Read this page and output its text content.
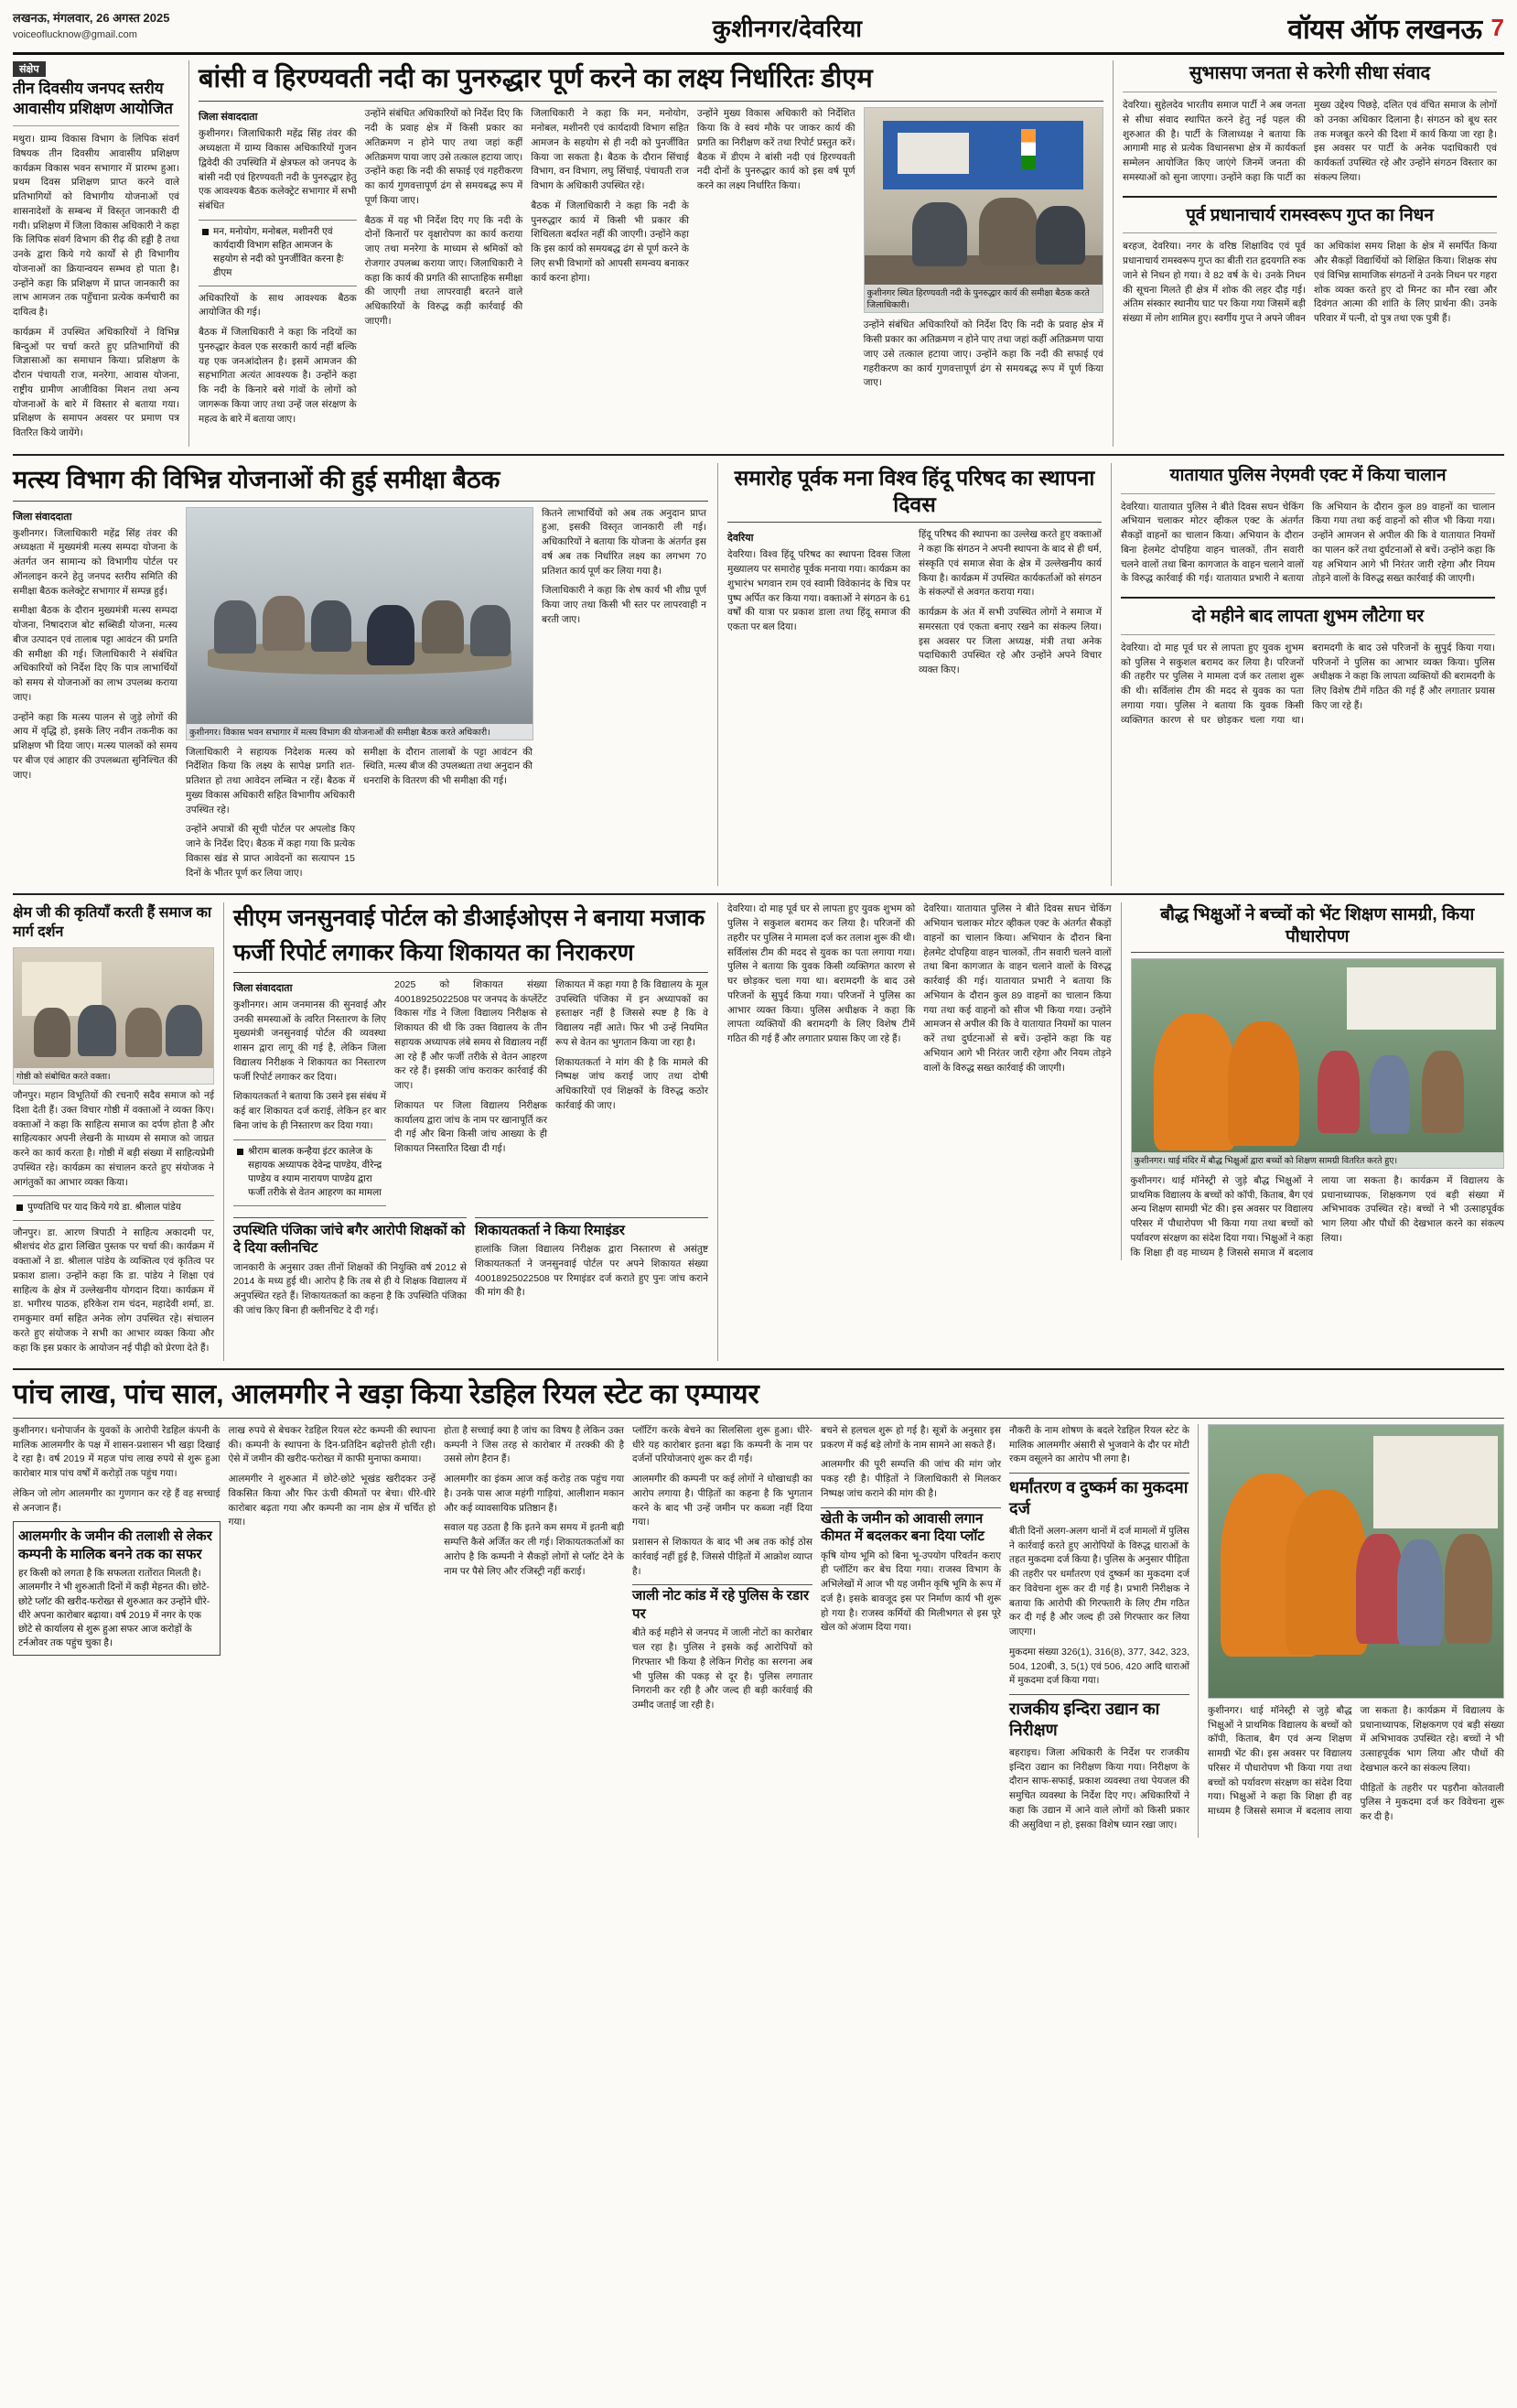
लखनऊ, मंगलवार, 26 अगस्त 2025
voiceoflucknow@gmail.com	कुशीनगर/देवरिया	वॉयस ऑफ लखनऊ 7
संक्षेप
तीन दिवसीय जनपद स्तरीय आवासीय प्रशिक्षण आयोजित

मथुरा। ग्राम्य विकास विभाग के लिपिक संवर्ग विषयक तीन दिवसीय आवासीय प्रशिक्षण कार्यक्रम विकास भवन सभागार में प्रारम्भ हुआ। प्रथम दिवस प्रशिक्षण प्राप्त करने वाले प्रतिभागियों को विभागीय योजनाओं एवं शासनादेशों के सम्बन्ध में विस्तृत जानकारी दी गयी। प्रशिक्षण में जिला विकास अधिकारी ने कहा कि लिपिक संवर्ग विभाग की रीढ़ की हड्डी है तथा उनके द्वारा किये गये कार्यों से ही विभागीय योजनाओं का क्रियान्वयन सम्भव हो पाता है। उन्होंने कहा कि प्रशिक्षण में प्राप्त जानकारी का लाभ आमजन तक पहुँचाना प्रत्येक कर्मचारी का दायित्व है।

कार्यक्रम में उपस्थित अधिकारियों ने विभिन्न बिन्दुओं पर चर्चा करते हुए प्रतिभागियों की जिज्ञासाओं का समाधान किया। प्रशिक्षण के दौरान पंचायती राज, मनरेगा, आवास योजना, राष्ट्रीय ग्रामीण आजीविका मिशन तथा अन्य योजनाओं के बारे में विस्तार से बताया गया। प्रशिक्षण के समापन अवसर पर प्रमाण पत्र वितरित किये जायेंगे।

बांसी व हिरण्यवती नदी का पुनरुद्धार पूर्ण करने का लक्ष्य निर्धारितः डीएम
जिला संवाददाता

कुशीनगर। जिलाधिकारी महेंद्र सिंह तंवर की अध्यक्षता में ग्राम्य विकास अधिकारियों गुजन द्विवेदी की उपस्थिति में क्षेत्रफल को जनपद के बांसी नदी एवं हिरण्यवती नदी के पुनरुद्धार हेतु एक आवश्यक बैठक कलेक्ट्रेट सभागार में सभी संबंधित

मन, मनोयोग, मनोबल, मशीनरी एवं कार्यदायी विभाग सहित आमजन के सहयोग से नदी को पुनर्जीवित करना हैः डीएम

अधिकारियों के साथ आवश्यक बैठक आयोजित की गई।

बैठक में जिलाधिकारी ने कहा कि नदियों का पुनरुद्धार केवल एक सरकारी कार्य नहीं बल्कि यह एक जनआंदोलन है। इसमें आमजन की सहभागिता अत्यंत आवश्यक है। उन्होंने कहा कि नदी के किनारे बसे गांवों के लोगों को जागरूक किया जाए तथा उन्हें जल संरक्षण के महत्व के बारे में बताया जाए।

उन्होंने संबंधित अधिकारियों को निर्देश दिए कि नदी के प्रवाह क्षेत्र में किसी प्रकार का अतिक्रमण न होने पाए तथा जहां कहीं अतिक्रमण पाया जाए उसे तत्काल हटाया जाए। उन्होंने कहा कि नदी की सफाई एवं गहरीकरण का कार्य गुणवत्तापूर्ण ढंग से समयबद्ध रूप में पूर्ण किया जाए।

बैठक में यह भी निर्देश दिए गए कि नदी के दोनों किनारों पर वृक्षारोपण का कार्य कराया जाए तथा मनरेगा के माध्यम से श्रमिकों को रोजगार उपलब्ध कराया जाए। जिलाधिकारी ने कहा कि कार्य की प्रगति की साप्ताहिक समीक्षा की जाएगी तथा लापरवाही बरतने वाले अधिकारियों के विरुद्ध कड़ी कार्रवाई की जाएगी।

जिलाधिकारी ने कहा कि मन, मनोयोग, मनोबल, मशीनरी एवं कार्यदायी विभाग सहित आमजन के सहयोग से ही नदी को पुनर्जीवित किया जा सकता है। बैठक के दौरान सिंचाई विभाग, वन विभाग, लघु सिंचाई, पंचायती राज विभाग के अधिकारी उपस्थित रहे।

बैठक में जिलाधिकारी ने कहा कि नदी के पुनरुद्धार कार्य में किसी भी प्रकार की शिथिलता बर्दाश्त नहीं की जाएगी। उन्होंने कहा कि इस कार्य को समयबद्ध ढंग से पूर्ण करने के लिए सभी विभागों को आपसी समन्वय बनाकर कार्य करना होगा।

उन्होंने मुख्य विकास अधिकारी को निर्देशित किया कि वे स्वयं मौके पर जाकर कार्य की प्रगति का निरीक्षण करें तथा रिपोर्ट प्रस्तुत करें। बैठक में डीएम ने बांसी नदी एवं हिरण्यवती नदी दोनों के पुनरुद्धार कार्य को इस वर्ष पूर्ण करने का लक्ष्य निर्धारित किया।

कुशीनगर स्थित हिरण्यवती नदी के पुनरुद्धार कार्य की समीक्षा बैठक करते जिलाधिकारी।

उन्होंने संबंधित अधिकारियों को निर्देश दिए कि नदी के प्रवाह क्षेत्र में किसी प्रकार का अतिक्रमण न होने पाए तथा जहां कहीं अतिक्रमण पाया जाए उसे तत्काल हटाया जाए। उन्होंने कहा कि नदी की सफाई एवं गहरीकरण का कार्य गुणवत्तापूर्ण ढंग से समयबद्ध रूप में पूर्ण किया जाए।

सुभासपा जनता से करेगी सीधा संवाद

देवरिया। सुहेलदेव भारतीय समाज पार्टी ने अब जनता से सीधा संवाद स्थापित करने हेतु नई पहल की शुरुआत की है। पार्टी के जिलाध्यक्ष ने बताया कि आगामी माह से प्रत्येक विधानसभा क्षेत्र में कार्यकर्ता सम्मेलन आयोजित किए जाएंगे जिनमें जनता की समस्याओं को सुना जाएगा। उन्होंने कहा कि पार्टी का मुख्य उद्देश्य पिछड़े, दलित एवं वंचित समाज के लोगों को उनका अधिकार दिलाना है। संगठन को बूथ स्तर तक मजबूत करने की दिशा में कार्य किया जा रहा है। इस अवसर पर पार्टी के अनेक पदाधिकारी एवं कार्यकर्ता उपस्थित रहे और उन्होंने संगठन विस्तार का संकल्प लिया।

पूर्व प्रधानाचार्य रामस्वरूप गुप्त का निधन

बरहज, देवरिया। नगर के वरिष्ठ शिक्षाविद एवं पूर्व प्रधानाचार्य रामस्वरूप गुप्त का बीती रात हृदयगति रुक जाने से निधन हो गया। वे 82 वर्ष के थे। उनके निधन की सूचना मिलते ही क्षेत्र में शोक की लहर दौड़ गई। अंतिम संस्कार स्थानीय घाट पर किया गया जिसमें बड़ी संख्या में लोग शामिल हुए। स्वर्गीय गुप्त ने अपने जीवन का अधिकांश समय शिक्षा के क्षेत्र में समर्पित किया और सैकड़ों विद्यार्थियों को शिक्षित किया। शिक्षक संघ एवं विभिन्न सामाजिक संगठनों ने उनके निधन पर गहरा शोक व्यक्त करते हुए दो मिनट का मौन रखा और दिवंगत आत्मा की शांति के लिए प्रार्थना की। उनके परिवार में पत्नी, दो पुत्र तथा एक पुत्री हैं।

मत्स्य विभाग की विभिन्न योजनाओं की हुई समीक्षा बैठक
जिला संवाददाता

कुशीनगर। जिलाधिकारी महेंद्र सिंह तंवर की अध्यक्षता में मुख्यमंत्री मत्स्य सम्पदा योजना के अंतर्गत जन सामान्य को विभागीय पोर्टल पर ऑनलाइन करने हेतु जनपद स्तरीय समिति की समीक्षा बैठक कलेक्ट्रेट सभागार में सम्पन्न हुई।

समीक्षा बैठक के दौरान मुख्यमंत्री मत्स्य सम्पदा योजना, निषादराज बोट सब्सिडी योजना, मत्स्य बीज उत्पादन एवं तालाब पट्टा आवंटन की प्रगति की समीक्षा की गई। जिलाधिकारी ने संबंधित अधिकारियों को निर्देश दिए कि पात्र लाभार्थियों को समय से योजनाओं का लाभ उपलब्ध कराया जाए।

उन्होंने कहा कि मत्स्य पालन से जुड़े लोगों की आय में वृद्धि हो, इसके लिए नवीन तकनीक का प्रशिक्षण भी दिया जाए। मत्स्य पालकों को समय पर बीज एवं आहार की उपलब्धता सुनिश्चित की जाए।

कुशीनगर। विकास भवन सभागार में मत्स्य विभाग की योजनाओं की समीक्षा बैठक करते अधिकारी।

जिलाधिकारी ने सहायक निदेशक मत्स्य को निर्देशित किया कि लक्ष्य के सापेक्ष प्रगति शत-प्रतिशत हो तथा आवेदन लम्बित न रहें। बैठक में मुख्य विकास अधिकारी सहित विभागीय अधिकारी उपस्थित रहे।

उन्होंने अपात्रों की सूची पोर्टल पर अपलोड किए जाने के निर्देश दिए। बैठक में कहा गया कि प्रत्येक विकास खंड से प्राप्त आवेदनों का सत्यापन 15 दिनों के भीतर पूर्ण कर लिया जाए।

समीक्षा के दौरान तालाबों के पट्टा आवंटन की स्थिति, मत्स्य बीज की उपलब्धता तथा अनुदान की धनराशि के वितरण की भी समीक्षा की गई।

कितने लाभार्थियों को अब तक अनुदान प्राप्त हुआ, इसकी विस्तृत जानकारी ली गई। अधिकारियों ने बताया कि योजना के अंतर्गत इस वर्ष अब तक निर्धारित लक्ष्य का लगभग 70 प्रतिशत कार्य पूर्ण कर लिया गया है।

जिलाधिकारी ने कहा कि शेष कार्य भी शीघ्र पूर्ण किया जाए तथा किसी भी स्तर पर लापरवाही न बरती जाए।

समारोह पूर्वक मना विश्व हिंदू परिषद का स्थापना दिवस
देवरिया

देवरिया। विश्व हिंदू परिषद का स्थापना दिवस जिला मुख्यालय पर समारोह पूर्वक मनाया गया। कार्यक्रम का शुभारंभ भगवान राम एवं स्वामी विवेकानंद के चित्र पर पुष्प अर्पित कर किया गया। वक्ताओं ने संगठन के 61 वर्षों की यात्रा पर प्रकाश डाला तथा हिंदू समाज की एकता पर बल दिया।

हिंदू परिषद की स्थापना का उल्लेख करते हुए वक्ताओं ने कहा कि संगठन ने अपनी स्थापना के बाद से ही धर्म, संस्कृति एवं समाज सेवा के क्षेत्र में उल्लेखनीय कार्य किया है। कार्यक्रम में उपस्थित कार्यकर्ताओं को संगठन के संकल्पों से अवगत कराया गया।

कार्यक्रम के अंत में सभी उपस्थित लोगों ने समाज में समरसता एवं एकता बनाए रखने का संकल्प लिया। इस अवसर पर जिला अध्यक्ष, मंत्री तथा अनेक पदाधिकारी उपस्थित रहे और उन्होंने अपने विचार व्यक्त किए।

यातायात पुलिस नेएमवी एक्ट में किया चालान

देवरिया। यातायात पुलिस ने बीते दिवस सघन चेकिंग अभियान चलाकर मोटर व्हीकल एक्ट के अंतर्गत सैकड़ों वाहनों का चालान किया। अभियान के दौरान बिना हेलमेट दोपहिया वाहन चालकों, तीन सवारी चलने वालों तथा बिना कागजात के वाहन चलाने वालों के विरुद्ध कार्रवाई की गई। यातायात प्रभारी ने बताया कि अभियान के दौरान कुल 89 वाहनों का चालान किया गया तथा कई वाहनों को सीज भी किया गया। उन्होंने आमजन से अपील की कि वे यातायात नियमों का पालन करें तथा दुर्घटनाओं से बचें। उन्होंने कहा कि यह अभियान आगे भी निरंतर जारी रहेगा और नियम तोड़ने वालों के विरुद्ध सख्त कार्रवाई की जाएगी।

दो महीने बाद लापता शुभम लौटेगा घर

देवरिया। दो माह पूर्व घर से लापता हुए युवक शुभम को पुलिस ने सकुशल बरामद कर लिया है। परिजनों की तहरीर पर पुलिस ने मामला दर्ज कर तलाश शुरू की थी। सर्विलांस टीम की मदद से युवक का पता लगाया गया। पुलिस ने बताया कि युवक किसी व्यक्तिगत कारण से घर छोड़कर चला गया था। बरामदगी के बाद उसे परिजनों के सुपुर्द किया गया। परिजनों ने पुलिस का आभार व्यक्त किया। पुलिस अधीक्षक ने कहा कि लापता व्यक्तियों की बरामदगी के लिए विशेष टीमें गठित की गई हैं और लगातार प्रयास किए जा रहे हैं।

क्षेम जी की कृतियाँ करती हैं समाज का मार्ग दर्शन
गोष्ठी को संबोधित करते वक्ता।

जौनपुर। महान विभूतियों की रचनाएँ सदैव समाज को नई दिशा देती हैं। उक्त विचार गोष्ठी में वक्ताओं ने व्यक्त किए। वक्ताओं ने कहा कि साहित्य समाज का दर्पण होता है और साहित्यकार अपनी लेखनी के माध्यम से समाज को जाग्रत करने का कार्य करता है। गोष्ठी में बड़ी संख्या में साहित्यप्रेमी उपस्थित रहे। कार्यक्रम का संचालन करते हुए संयोजक ने आगंतुकों का आभार व्यक्त किया।

पुण्यतिथि पर याद किये गये डा. श्रीलाल पांडेय

जौनपुर। डा. आरण त्रिपाठी ने साहित्य अकादमी पर, श्रीशचंद शेठ द्वारा लिखित पुस्तक पर चर्चा की। कार्यक्रम में वक्ताओं ने डा. श्रीलाल पांडेय के व्यक्तित्व एवं कृतित्व पर प्रकाश डाला। उन्होंने कहा कि डा. पांडेय ने शिक्षा एवं साहित्य के क्षेत्र में उल्लेखनीय योगदान दिया। कार्यक्रम में डा. भगीरथ पाठक, हरिकेश राम चंदन, महादेवी शर्मा, डा. रामकुमार वर्मा सहित अनेक लोग उपस्थित रहे। संचालन करते हुए संयोजक ने सभी का आभार व्यक्त किया और कहा कि इस प्रकार के आयोजन नई पीढ़ी को प्रेरणा देते हैं।

सीएम जनसुनवाई पोर्टल को डीआईओएस ने बनाया मजाक
फर्जी रिपोर्ट लगाकर किया शिकायत का निराकरण
जिला संवाददाता

कुशीनगर। आम जनमानस की सुनवाई और उनकी समस्याओं के त्वरित निस्तारण के लिए मुख्यमंत्री जनसुनवाई पोर्टल की व्यवस्था शासन द्वारा लागू की गई है, लेकिन जिला विद्यालय निरीक्षक ने शिकायत का निस्तारण फर्जी रिपोर्ट लगाकर कर दिया।

शिकायतकर्ता ने बताया कि उसने इस संबंध में कई बार शिकायत दर्ज कराई, लेकिन हर बार बिना जांच के ही निस्तारण कर दिया गया।

श्रीराम बालक कन्हैया इंटर कालेज के सहायक अध्यापक देवेन्द्र पाण्डेय, वीरेन्द्र पाण्डेय व श्याम नारायण पाण्डेय द्वारा फर्जी तरीके से वेतन आहरण का मामला

2025 को शिकायत संख्या 40018925022508 पर जनपद के कंप्लेंटेंट विकास गोंड ने जिला विद्यालय निरीक्षक से शिकायत की थी कि उक्त विद्यालय के तीन सहायक अध्यापक लंबे समय से विद्यालय नहीं आ रहे हैं और फर्जी तरीके से वेतन आहरण कर रहे हैं। इसकी जांच कराकर कार्रवाई की जाए।

शिकायत पर जिला विद्यालय निरीक्षक कार्यालय द्वारा जांच के नाम पर खानापूर्ति कर दी गई और बिना किसी जांच आख्या के ही शिकायत निस्तारित दिखा दी गई।

शिकायत में कहा गया है कि विद्यालय के मूल उपस्थिति पंजिका में इन अध्यापकों का हस्ताक्षर नहीं है जिससे स्पष्ट है कि वे विद्यालय नहीं आते। फिर भी उन्हें नियमित रूप से वेतन का भुगतान किया जा रहा है।

शिकायतकर्ता ने मांग की है कि मामले की निष्पक्ष जांच कराई जाए तथा दोषी अधिकारियों एवं शिक्षकों के विरुद्ध कठोर कार्रवाई की जाए।

उपस्थिति पंजिका जांचे बगैर आरोपी शिक्षकों को दे दिया क्लीनचिट

जानकारी के अनुसार उक्त तीनों शिक्षकों की नियुक्ति वर्ष 2012 से 2014 के मध्य हुई थी। आरोप है कि तब से ही ये शिक्षक विद्यालय में अनुपस्थित रहते हैं। शिकायतकर्ता का कहना है कि उपस्थिति पंजिका की जांच किए बिना ही क्लीनचिट दे दी गई।

शिकायतकर्ता ने किया रिमाइंडर

हालांकि जिला विद्यालय निरीक्षक द्वारा निस्तारण से असंतुष्ट शिकायतकर्ता ने जनसुनवाई पोर्टल पर अपने शिकायत संख्या 40018925022508 पर रिमाइंडर दर्ज कराते हुए पुनः जांच कराने की मांग की है।

देवरिया। दो माह पूर्व घर से लापता हुए युवक शुभम को पुलिस ने सकुशल बरामद कर लिया है। परिजनों की तहरीर पर पुलिस ने मामला दर्ज कर तलाश शुरू की थी। सर्विलांस टीम की मदद से युवक का पता लगाया गया। पुलिस ने बताया कि युवक किसी व्यक्तिगत कारण से घर छोड़कर चला गया था। बरामदगी के बाद उसे परिजनों के सुपुर्द किया गया। परिजनों ने पुलिस का आभार व्यक्त किया। पुलिस अधीक्षक ने कहा कि लापता व्यक्तियों की बरामदगी के लिए विशेष टीमें गठित की गई हैं और लगातार प्रयास किए जा रहे हैं।

देवरिया। यातायात पुलिस ने बीते दिवस सघन चेकिंग अभियान चलाकर मोटर व्हीकल एक्ट के अंतर्गत सैकड़ों वाहनों का चालान किया। अभियान के दौरान बिना हेलमेट दोपहिया वाहन चालकों, तीन सवारी चलने वालों तथा बिना कागजात के वाहन चलाने वालों के विरुद्ध कार्रवाई की गई। यातायात प्रभारी ने बताया कि अभियान के दौरान कुल 89 वाहनों का चालान किया गया तथा कई वाहनों को सीज भी किया गया। उन्होंने आमजन से अपील की कि वे यातायात नियमों का पालन करें तथा दुर्घटनाओं से बचें। उन्होंने कहा कि यह अभियान आगे भी निरंतर जारी रहेगा और नियम तोड़ने वालों के विरुद्ध सख्त कार्रवाई की जाएगी।

बौद्ध भिक्षुओं ने बच्चों को भेंट शिक्षण सामग्री, किया पौधारोपण
कुशीनगर। थाई मंदिर में बौद्ध भिक्षुओं द्वारा बच्चों को शिक्षण सामग्री वितरित करते हुए।

कुशीनगर। थाई मॉनेस्ट्री से जुड़े बौद्ध भिक्षुओं ने प्राथमिक विद्यालय के बच्चों को कॉपी, किताब, बैग एवं अन्य शिक्षण सामग्री भेंट की। इस अवसर पर विद्यालय परिसर में पौधारोपण भी किया गया तथा बच्चों को पर्यावरण संरक्षण का संदेश दिया गया। भिक्षुओं ने कहा कि शिक्षा ही वह माध्यम है जिससे समाज में बदलाव लाया जा सकता है। कार्यक्रम में विद्यालय के प्रधानाध्यापक, शिक्षकगण एवं बड़ी संख्या में अभिभावक उपस्थित रहे। बच्चों ने भी उत्साहपूर्वक भाग लिया और पौधों की देखभाल करने का संकल्प लिया।

पांच लाख, पांच साल, आलमगीर ने खड़ा किया रेडहिल रियल स्टेट का एम्पायर

कुशीनगर। धनोपार्जन के युवकों के आरोपी रेडहिल कंपनी के मालिक आलमगीर के पक्ष में शासन-प्रशासन भी खड़ा दिखाई दे रहा है। वर्ष 2019 में महज पांच लाख रुपये से शुरू हुआ कारोबार मात्र पांच वर्षों में करोड़ों तक पहुंच गया।

लेकिन जो लोग आलमगीर का गुणगान कर रहे हैं वह सच्चाई से अनजान हैं।

आलमगीर के जमीन की तलाशी से लेकर कम्पनी के मालिक बनने तक का सफर
हर किसी को लगता है कि सफलता रातोंरात मिलती है। आलमगीर ने भी शुरुआती दिनों में कड़ी मेहनत की। छोटे-छोटे प्लॉट की खरीद-फरोख्त से शुरुआत कर उन्होंने धीरे-धीरे अपना कारोबार बढ़ाया। वर्ष 2019 में नगर के एक छोटे से कार्यालय से शुरू हुआ सफर आज करोड़ों के टर्नओवर तक पहुंच चुका है।

लाख रुपये से बेचकर रेडहिल रियल स्टेट कम्पनी की स्थापना की। कम्पनी के स्थापना के दिन-प्रतिदिन बढ़ोत्तरी होती रही। ऐसे में जमीन की खरीद-फरोख्त में काफी मुनाफा कमाया।

आलमगीर ने शुरुआत में छोटे-छोटे भूखंड खरीदकर उन्हें विकसित किया और फिर ऊंची कीमतों पर बेचा। धीरे-धीरे कारोबार बढ़ता गया और कम्पनी का नाम क्षेत्र में चर्चित हो गया।

होता है सच्चाई क्या है जांच का विषय है लेकिन उक्त कम्पनी ने जिस तरह से कारोबार में तरक्की की है उससे लोग हैरान हैं।

आलमगीर का इंकम आज कई करोड़ तक पहुंच गया है। उनके पास आज महंगी गाड़ियां, आलीशान मकान और कई व्यावसायिक प्रतिष्ठान हैं।

सवाल यह उठता है कि इतने कम समय में इतनी बड़ी सम्पत्ति कैसे अर्जित कर ली गई। शिकायतकर्ताओं का आरोप है कि कम्पनी ने सैकड़ों लोगों से प्लॉट देने के नाम पर पैसे लिए और रजिस्ट्री नहीं कराई।

प्लॉटिंग करके बेचने का सिलसिला शुरू हुआ। धीरे-धीरे यह कारोबार इतना बढ़ा कि कम्पनी के नाम पर दर्जनों परियोजनाएं शुरू कर दी गईं।

आलमगीर की कम्पनी पर कई लोगों ने धोखाधड़ी का आरोप लगाया है। पीड़ितों का कहना है कि भुगतान करने के बाद भी उन्हें जमीन पर कब्जा नहीं दिया गया।

प्रशासन से शिकायत के बाद भी अब तक कोई ठोस कार्रवाई नहीं हुई है, जिससे पीड़ितों में आक्रोश व्याप्त है।

जाली नोट कांड में रहे पुलिस के रडार पर

बीते कई महीने से जनपद में जाली नोटों का कारोबार चल रहा है। पुलिस ने इसके कई आरोपियों को गिरफ्तार भी किया है लेकिन गिरोह का सरगना अब भी पुलिस की पकड़ से दूर है। पुलिस लगातार निगरानी कर रही है और जल्द ही बड़ी कार्रवाई की उम्मीद जताई जा रही है।

बचने से हलचल शुरू हो गई है। सूत्रों के अनुसार इस प्रकरण में कई बड़े लोगों के नाम सामने आ सकते हैं।

आलमगीर की पूरी सम्पत्ति की जांच की मांग जोर पकड़ रही है। पीड़ितों ने जिलाधिकारी से मिलकर निष्पक्ष जांच कराने की मांग की है।

खेती के जमीन को आवासी लगान कीमत में बदलकर बना दिया प्लॉट

कृषि योग्य भूमि को बिना भू-उपयोग परिवर्तन कराए ही प्लॉटिंग कर बेच दिया गया। राजस्व विभाग के अभिलेखों में आज भी यह जमीन कृषि भूमि के रूप में दर्ज है। इसके बावजूद इस पर निर्माण कार्य भी शुरू हो गया है। राजस्व कर्मियों की मिलीभगत से इस पूरे खेल को अंजाम दिया गया।

नौकरी के नाम शोषण के बदले रेडहिल रियल स्टेट के मालिक आलमगीर अंसारी से भुजवाने के दौर पर मोटी रकम वसूलने का आरोप भी लगा है।

धर्मांतरण व दुष्कर्म का मुकदमा दर्ज

बीती दिनों अलग-अलग थानों में दर्ज मामलों में पुलिस ने कार्रवाई करते हुए आरोपियों के विरुद्ध धाराओं के तहत मुकदमा दर्ज किया है। पुलिस के अनुसार पीड़िता की तहरीर पर धर्मांतरण एवं दुष्कर्म का मुकदमा दर्ज कर विवेचना शुरू कर दी गई है। प्रभारी निरीक्षक ने बताया कि आरोपी की गिरफ्तारी के लिए टीम गठित कर दी गई है और जल्द ही उसे गिरफ्तार कर लिया जाएगा।

मुकदमा संख्या 326(1), 316(8), 377, 342, 323, 504, 120बी, 3, 5(1) एवं 506, 420 आदि धाराओं में मुकदमा दर्ज किया गया।

राजकीय इन्दिरा उद्यान का निरीक्षण

बहराइच। जिला अधिकारी के निर्देश पर राजकीय इन्दिरा उद्यान का निरीक्षण किया गया। निरीक्षण के दौरान साफ-सफाई, प्रकाश व्यवस्था तथा पेयजल की समुचित व्यवस्था के निर्देश दिए गए। अधिकारियों ने कहा कि उद्यान में आने वाले लोगों को किसी प्रकार की असुविधा न हो, इसका विशेष ध्यान रखा जाए।

कुशीनगर। थाई मॉनेस्ट्री से जुड़े बौद्ध भिक्षुओं ने प्राथमिक विद्यालय के बच्चों को कॉपी, किताब, बैग एवं अन्य शिक्षण सामग्री भेंट की। इस अवसर पर विद्यालय परिसर में पौधारोपण भी किया गया तथा बच्चों को पर्यावरण संरक्षण का संदेश दिया गया। भिक्षुओं ने कहा कि शिक्षा ही वह माध्यम है जिससे समाज में बदलाव लाया जा सकता है। कार्यक्रम में विद्यालय के प्रधानाध्यापक, शिक्षकगण एवं बड़ी संख्या में अभिभावक उपस्थित रहे। बच्चों ने भी उत्साहपूर्वक भाग लिया और पौधों की देखभाल करने का संकल्प लिया।

पीड़ितों के तहरीर पर पड़रौना कोतवाली पुलिस ने मुकदमा दर्ज कर विवेचना शुरू कर दी है।
